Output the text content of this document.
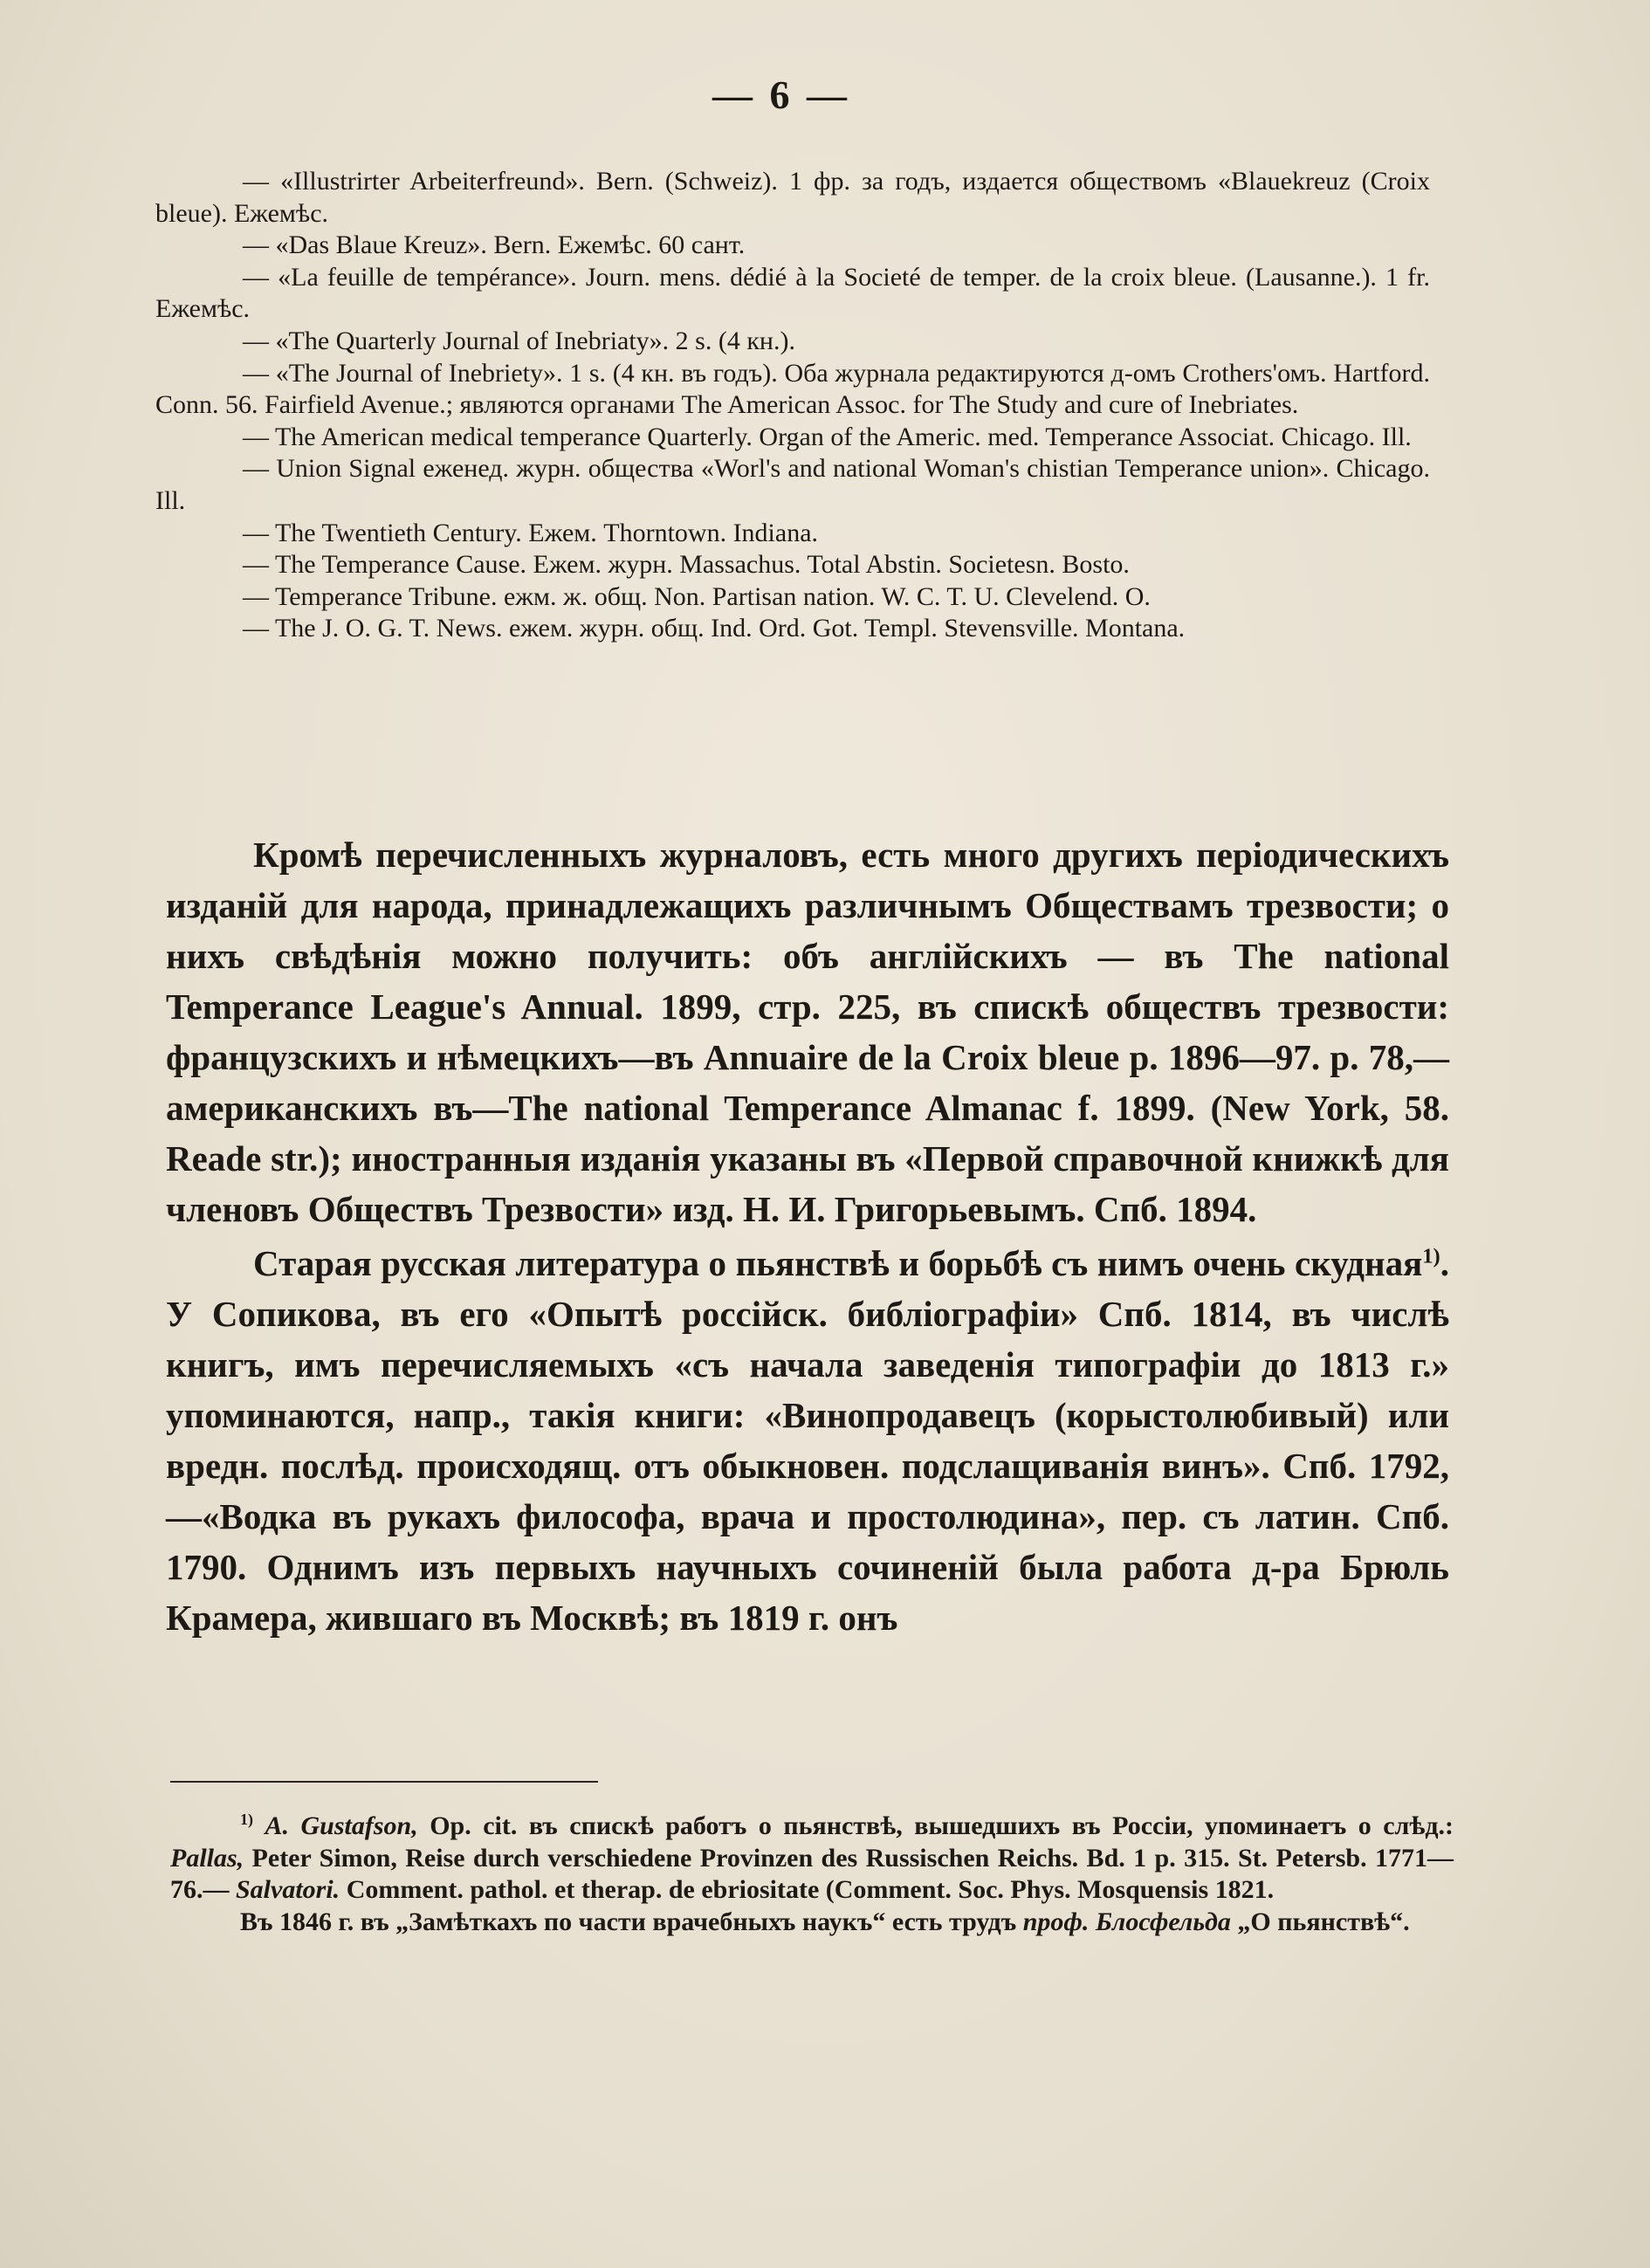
— 6 —

— «Illustrirter Arbeiterfreund». Bern. (Schweiz). 1 фр. за годъ, издается обществомъ «Blauekreuz (Croix bleue). Ежемѣс.

— «Das Blaue Kreuz». Bern. Ежемѣс. 60 сант.

— «La feuille de tempérance». Journ. mens. dédié à la Societé de temper. de la croix bleue. (Lausanne.). 1 fr. Ежемѣс.

— «The Quarterly Journal of Inebriaty». 2 s. (4 кн.).

— «The Journal of Inebriety». 1 s. (4 кн. въ годъ). Оба журнала редактируются д-омъ Crothers'омъ. Hartford. Conn. 56. Fairfield Avenue.; являются органами The American Assoc. for The Study and cure of Inebriates.

— The American medical temperance Quarterly. Organ of the Americ. med. Temperance Associat. Chicago. Ill.

— Union Signal еженед. журн. общества «Worl's and national Woman's chistian Temperance union». Chicago. Ill.

— The Twentieth Century. Ежем. Thorntown. Indiana.

— The Temperance Cause. Ежем. журн. Massachus. Total Abstin. Societesn. Bosto.

— Temperance Tribune. ежм. ж. общ. Non. Partisan nation. W. C. T. U. Clevelend. O.

— The J. O. G. T. News. ежем. журн. общ. Ind. Ord. Got. Templ. Stevensville. Montana.

Кромѣ перечисленныхъ журналовъ, есть много другихъ періодическихъ изданій для народа, принадлежащихъ различнымъ Обществамъ трезвости; о нихъ свѣдѣнія можно получить: объ англійскихъ — въ The national Temperance League's Annual. 1899, стр. 225, въ спискѣ обществъ трезвости: французскихъ и нѣмецкихъ—въ Annuaire de la Croix bleue p. 1896—97. p. 78,— американскихъ въ—The national Temperance Almanac f. 1899. (New York, 58. Reade str.); иностранныя изданія указаны въ «Первой справочной книжкѣ для членовъ Обществъ Трезвости» изд. Н. И. Григорьевымъ. Спб. 1894.

Старая русская литература о пьянствѣ и борьбѣ съ нимъ очень скудная$^{1)}$. У Сопикова, въ его «Опытѣ россійск. библіографіи» Спб. 1814, въ числѣ книгъ, имъ перечисляемыхъ «съ начала заведенія типографіи до 1813 г.» упоминаются, напр., такія книги: «Винопродавецъ (корыстолюбивый) или вредн. послѣд. происходящ. отъ обыкновен. подслащиванія винъ». Спб. 1792,—«Водка въ рукахъ философа, врача и простолюдина», пер. съ латин. Спб. 1790. Однимъ изъ первыхъ научныхъ сочиненій была работа д-ра Брюль Крамера, жившаго въ Москвѣ; въ 1819 г. онъ

$^{1)}$ A. Gustafson, Op. cit. въ спискѣ работъ о пьянствѣ, вышедшихъ въ Россіи, упоминаетъ о слѣд.: Pallas, Peter Simon, Reise durch verschiedene Provinzen des Russischen Reichs. Bd. 1 p. 315. St. Petersb. 1771—76.— Salvatori. Comment. pathol. et therap. de ebriositate (Comment. Soc. Phys. Mosquensis 1821.

Въ 1846 г. въ „Замѣткахъ по части врачебныхъ наукъ“ есть трудъ проф. Блосфельда „О пьянствѣ“.
